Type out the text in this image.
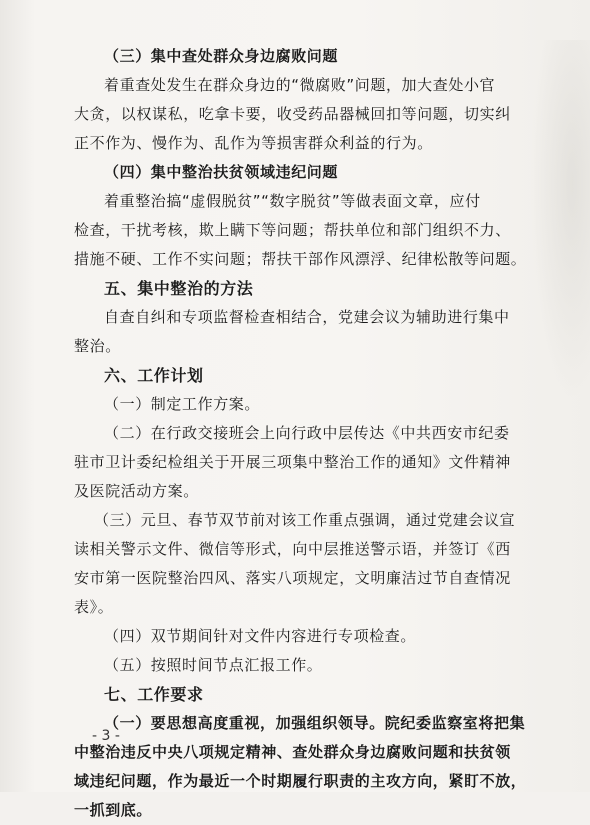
（三）集中查处群众身边腐败问题
着重查处发生在群众身边的“微腐败”问题，加大查处小官
大贪，以权谋私，吃拿卡要，收受药品器械回扣等问题，切实纠
正不作为、慢作为、乱作为等损害群众利益的行为。
（四）集中整治扶贫领域违纪问题
着重整治搞“虚假脱贫”“数字脱贫”等做表面文章，应付
检查，干扰考核，欺上瞒下等问题；帮扶单位和部门组织不力、
措施不硬、工作不实问题；帮扶干部作风漂浮、纪律松散等问题。
五、集中整治的方法
自查自纠和专项监督检查相结合，党建会议为辅助进行集中
整治。
六、工作计划
（一）制定工作方案。
（二）在行政交接班会上向行政中层传达《中共西安市纪委
驻市卫计委纪检组关于开展三项集中整治工作的通知》文件精神
及医院活动方案。
（三）元旦、春节双节前对该工作重点强调，通过党建会议宣
读相关警示文件、微信等形式，向中层推送警示语，并签订《西
安市第一医院整治四风、落实八项规定，文明廉洁过节自查情况
表》。
（四）双节期间针对文件内容进行专项检查。
（五）按照时间节点汇报工作。
七、工作要求
（一）要思想高度重视，加强组织领导。院纪委监察室将把集
中整治违反中央八项规定精神、查处群众身边腐败问题和扶贫领
域违纪问题，作为最近一个时期履行职责的主攻方向，紧盯不放，
一抓到底。
- 3 -
